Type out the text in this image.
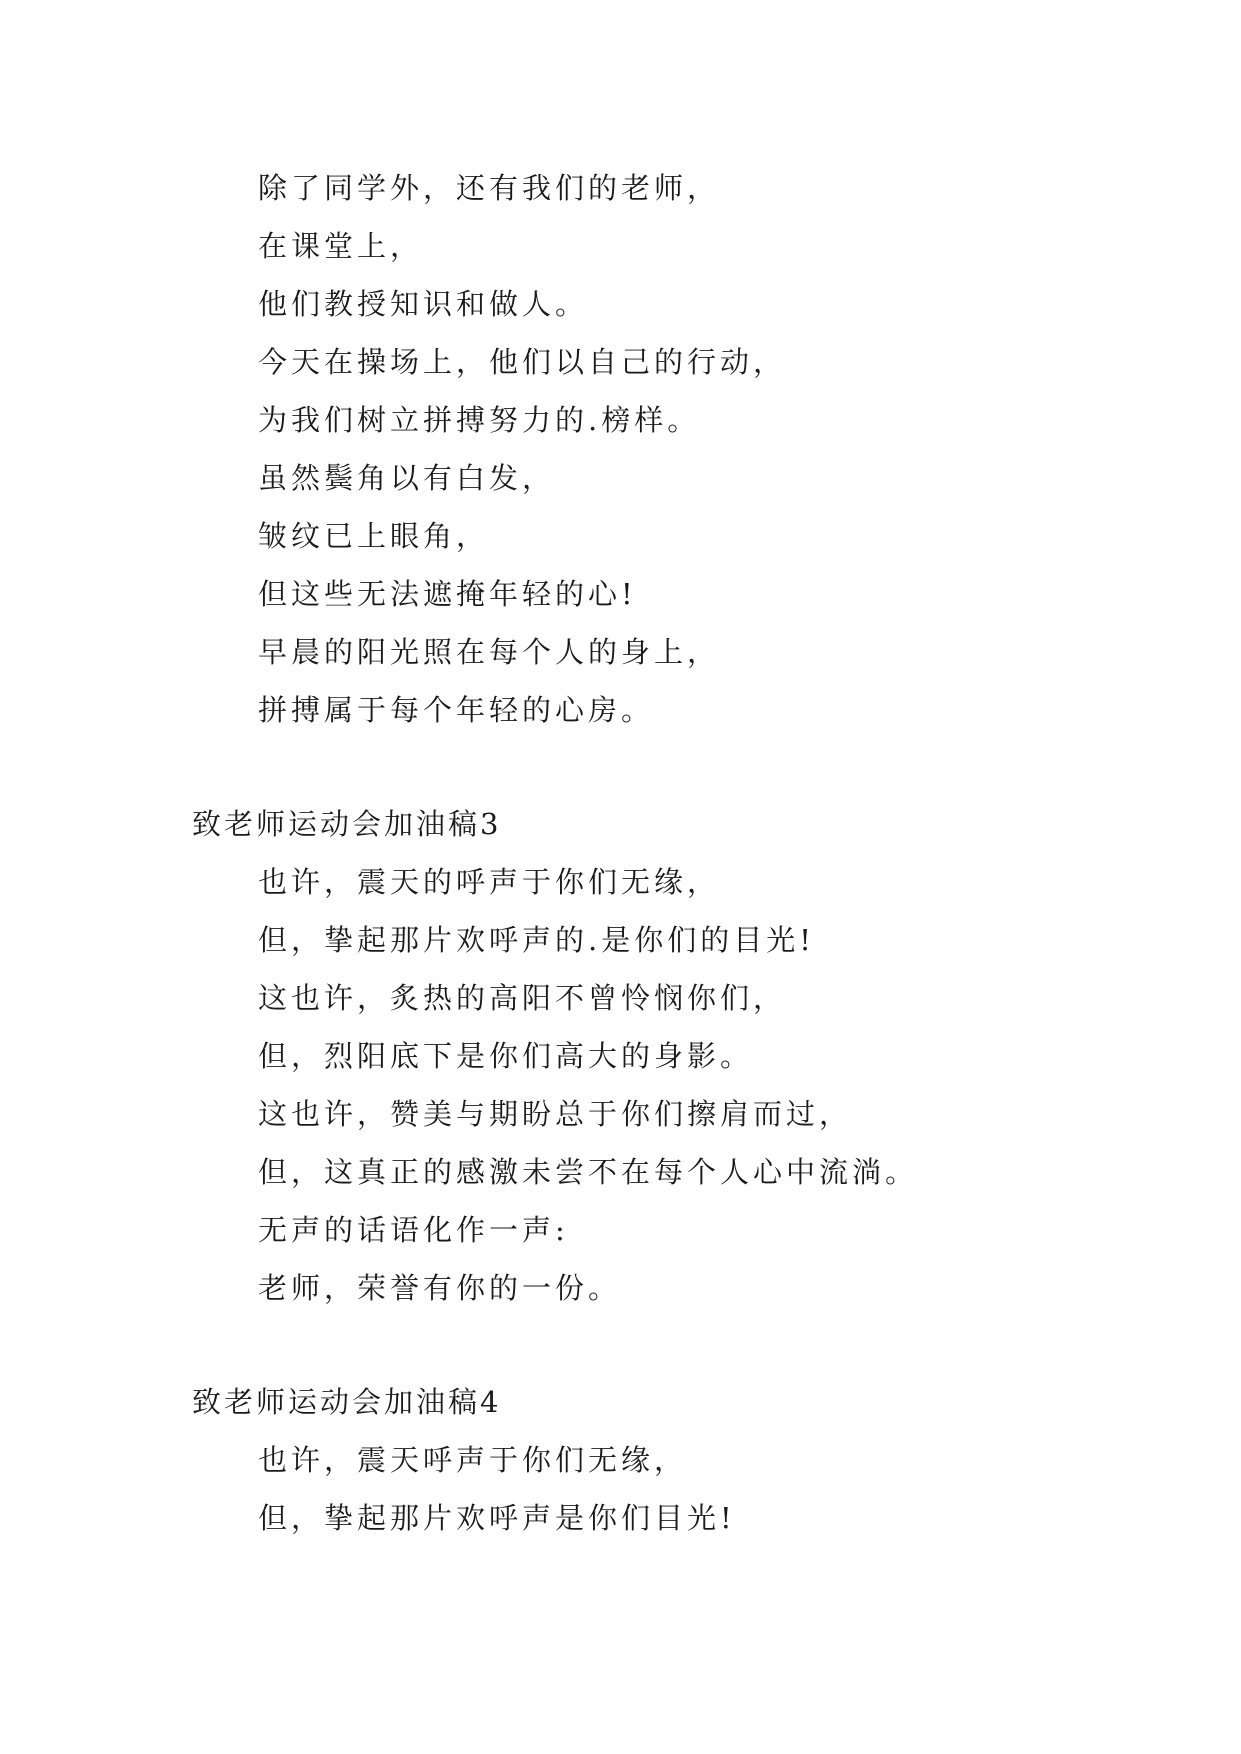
除了同学外，还有我们的老师，
在课堂上，
他们教授知识和做人。
今天在操场上，他们以自己的行动，
为我们树立拼搏努力的.榜样。
虽然鬓角以有白发，
皱纹已上眼角，
但这些无法遮掩年轻的心!
早晨的阳光照在每个人的身上，
拼搏属于每个年轻的心房。
致老师运动会加油稿3
也许，震天的呼声于你们无缘，
但，挚起那片欢呼声的.是你们的目光!
这也许，炙热的高阳不曾怜悯你们，
但，烈阳底下是你们高大的身影。
这也许，赞美与期盼总于你们擦肩而过，
但，这真正的感激未尝不在每个人心中流淌。
无声的话语化作一声:
老师，荣誉有你的一份。
致老师运动会加油稿4
也许，震天呼声于你们无缘，
但，挚起那片欢呼声是你们目光!
